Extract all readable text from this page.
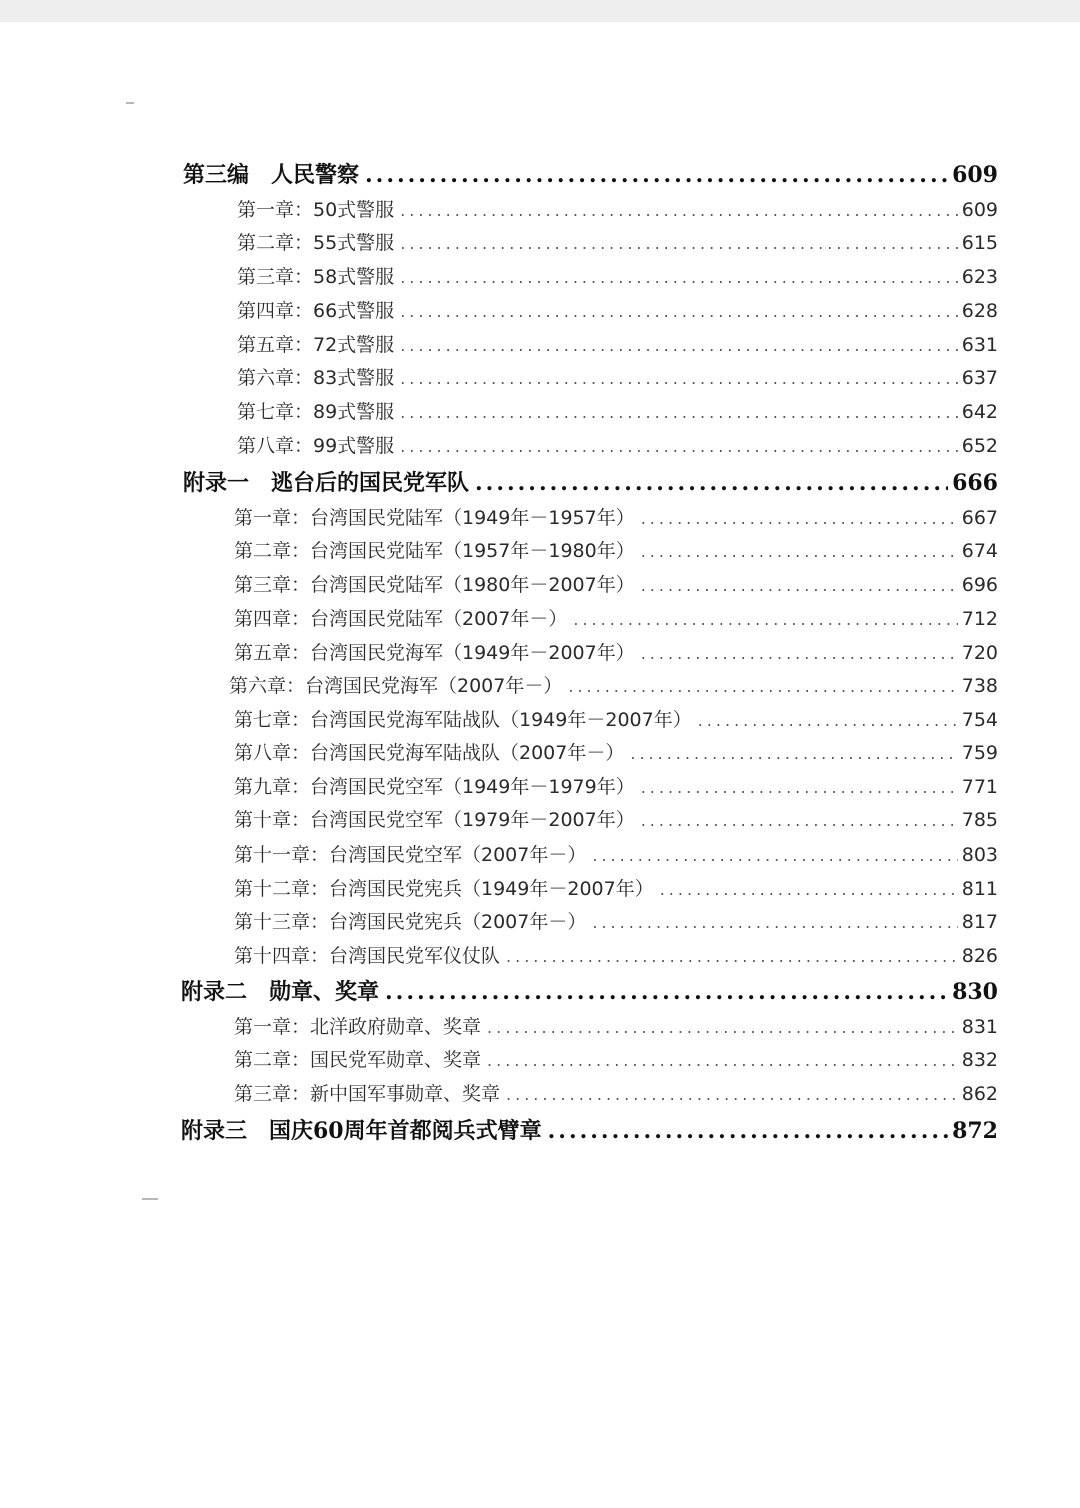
第三编　人民警察 .....	609
第一章：50式警服 .....	609
第二章：55式警服 .....	615
第三章：58式警服 .....	623
第四章：66式警服 .....	628
第五章：72式警服 .....	631
第六章：83式警服 .....	637
第七章：89式警服 .....	642
第八章：99式警服 .....	652
附录一　逃台后的国民党军队 .....	666
第一章：台湾国民党陆军（1949年－1957年） .....	667
第二章：台湾国民党陆军（1957年－1980年） .....	674
第三章：台湾国民党陆军（1980年－2007年） .....	696
第四章：台湾国民党陆军（2007年－） .....	712
第五章：台湾国民党海军（1949年－2007年） .....	720
第六章：台湾国民党海军（2007年－） .....	738
第七章：台湾国民党海军陆战队（1949年－2007年） .....	754
第八章：台湾国民党海军陆战队（2007年－） .....	759
第九章：台湾国民党空军（1949年－1979年） .....	771
第十章：台湾国民党空军（1979年－2007年） .....	785
第十一章：台湾国民党空军（2007年－） .....	803
第十二章：台湾国民党宪兵（1949年－2007年） .....	811
第十三章：台湾国民党宪兵（2007年－） .....	817
第十四章：台湾国民党军仪仗队 .....	826
附录二　勋章、奖章 .....	830
第一章：北洋政府勋章、奖章 .....	831
第二章：国民党军勋章、奖章 .....	832
第三章：新中国军事勋章、奖章 .....	862
附录三　国庆60周年首都阅兵式臂章 .....	872
